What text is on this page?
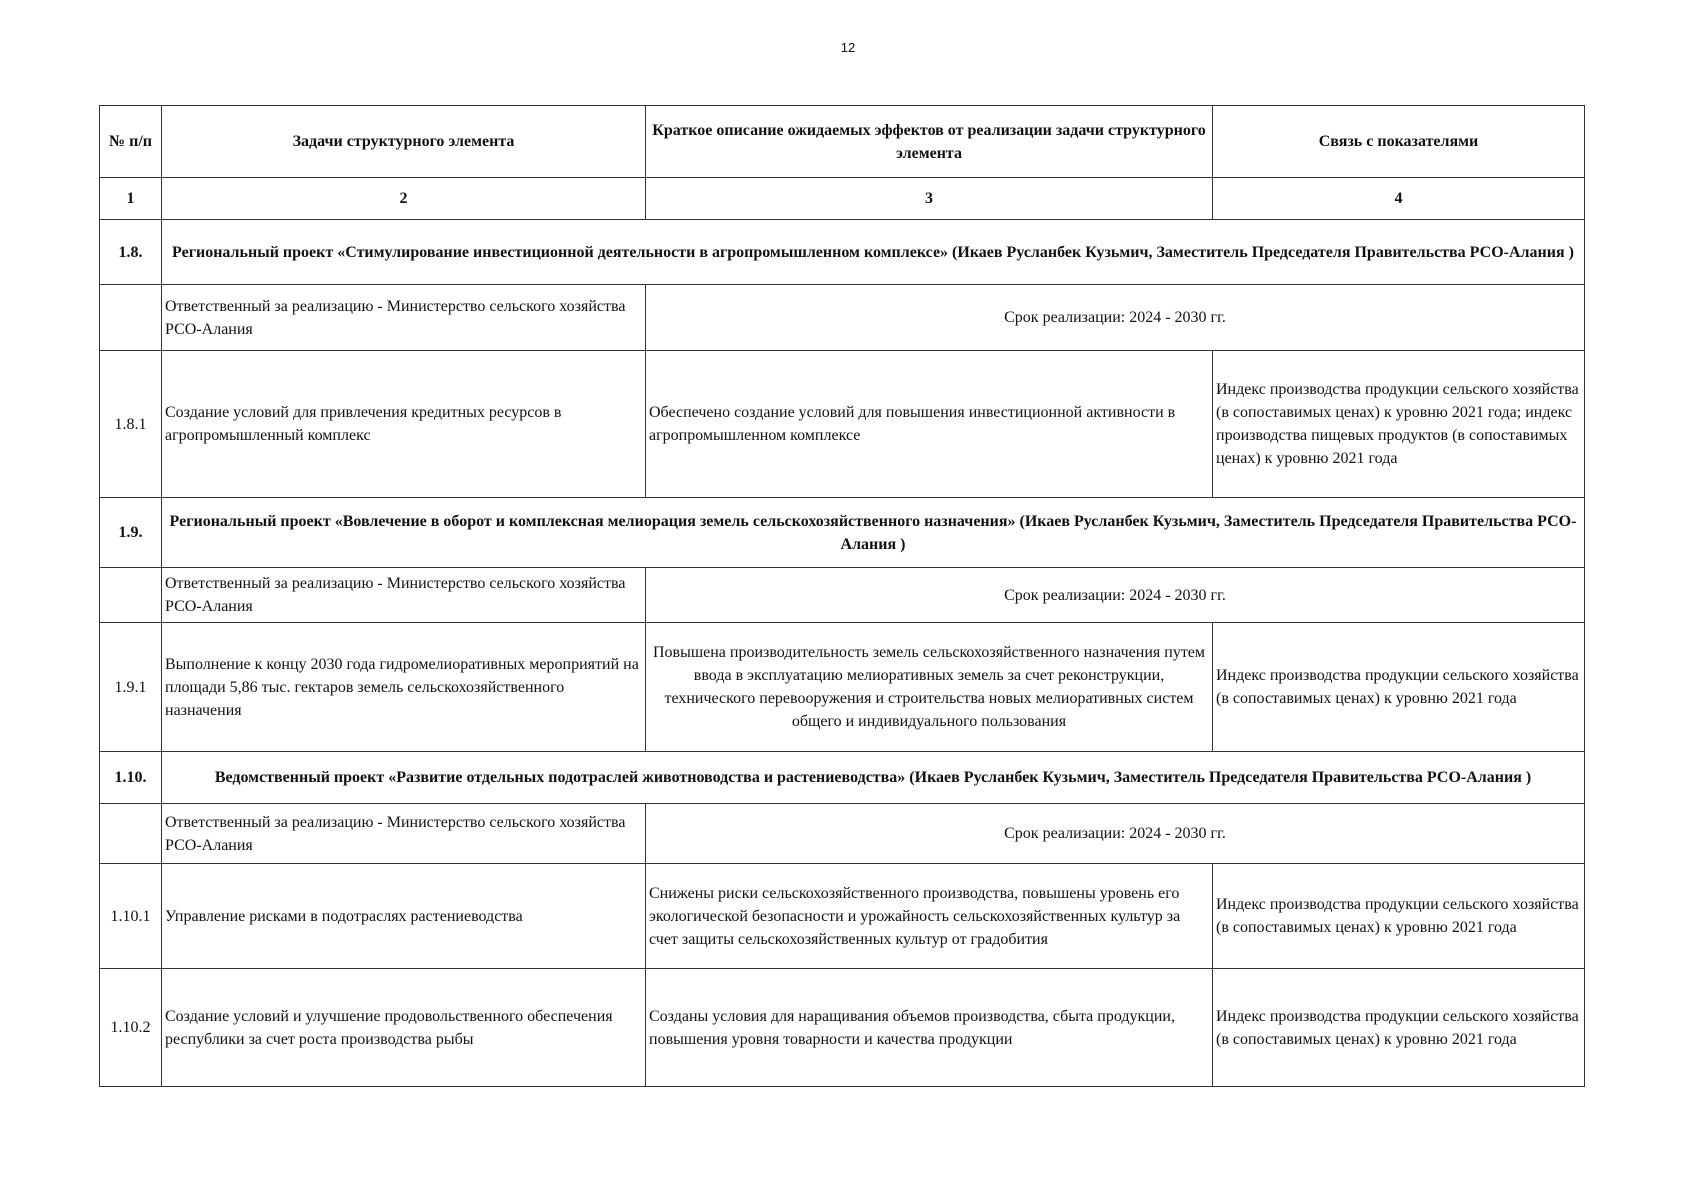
12
№ п/п	Задачи структурного элемента	Краткое описание ожидаемых эффектов от реализации задачи структурного элемента	Связь с показателями
1	2	3	4
1.8.	Региональный проект «Стимулирование инвестиционной деятельности в агропромышленном комплексе» (Икаев Русланбек Кузьмич, Заместитель Председателя Правительства РСО-Алания )		
	Ответственный за реализацию - Министерство сельского хозяйства РСО-Алания	Срок реализации: 2024 - 2030 гг.	
1.8.1	Создание условий для привлечения кредитных ресурсов в агропромышленный комплекс	Обеспечено создание условий для повышения инвестиционной активности в агропромышленном комплексе	Индекс производства продукции сельского хозяйства (в сопоставимых ценах) к уровню 2021 года; индекс производства пищевых продуктов (в сопоставимых ценах) к уровню 2021 года
1.9.	Региональный проект «Вовлечение в оборот и комплексная мелиорация земель сельскохозяйственного назначения» (Икаев Русланбек Кузьмич, Заместитель Председателя Правительства РСО-Алания )		
	Ответственный за реализацию - Министерство сельского хозяйства РСО-Алания	Срок реализации: 2024 - 2030 гг.	
1.9.1	Выполнение к концу 2030 года гидромелиоративных мероприятий на площади 5,86 тыс. гектаров земель сельскохозяйственного назначения	Повышена производительность земель сельскохозяйственного назначения путем ввода в эксплуатацию мелиоративных земель за счет реконструкции, технического перевооружения и строительства новых мелиоративных систем общего и индивидуального пользования	Индекс производства продукции сельского хозяйства (в сопоставимых ценах) к уровню 2021 года
1.10.	Ведомственный проект «Развитие отдельных подотраслей животноводства и растениеводства» (Икаев Русланбек Кузьмич, Заместитель Председателя Правительства РСО-Алания )		
	Ответственный за реализацию - Министерство сельского хозяйства РСО-Алания	Срок реализации: 2024 - 2030 гг.	
1.10.1	Управление рисками в подотраслях растениеводства	Снижены риски сельскохозяйственного производства, повышены уровень его экологической безопасности и урожайность сельскохозяйственных культур за счет защиты сельскохозяйственных культур от градобития	Индекс производства продукции сельского хозяйства (в сопоставимых ценах) к уровню 2021 года
1.10.2	Создание условий и улучшение продовольственного обеспечения республики за счет роста производства рыбы	Созданы условия для наращивания объемов производства, сбыта продукции, повышения уровня товарности и качества продукции	Индекс производства продукции сельского хозяйства (в сопоставимых ценах) к уровню 2021 года
